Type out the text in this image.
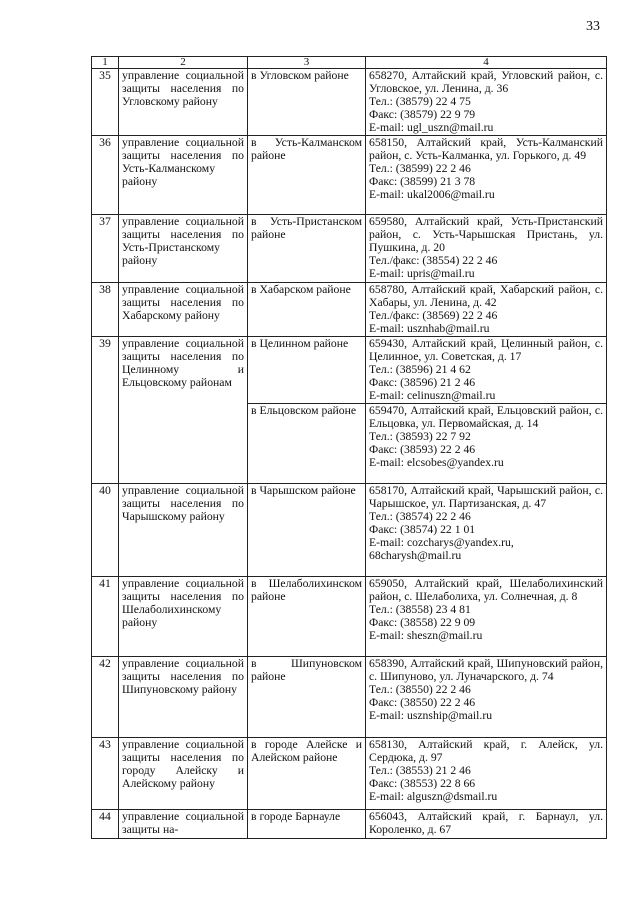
33
1	2	3	4
35	управление социальной защиты населения по Угловскому району	в Угловском районе	658270, Алтайский край, Угловский район, с. Угловское, ул. Ленина, д. 36
Тел.: (38579) 22 4 75
Факс: (38579) 22 9 79
E-mail: ugl_uszn@mail.ru

36	управление социальной защиты населения по Усть-Калманскому району	в Усть-Калманском районе	658150, Алтайский край, Усть-Калманский район, с. Усть-Калманка, ул. Горького, д. 49
Тел.: (38599) 22 2 46
Факс: (38599) 21 3 78
E-mail: ukal2006@mail.ru

37	управление социальной защиты населения по Усть-Пристанскому району	в Усть-Пристанском районе	659580, Алтайский край, Усть-Пристанский район, с. Усть-Чарышская Пристань, ул. Пушкина, д. 20
Тел./факс: (38554) 22 2 46
E-mail: upris@mail.ru

38	управление социальной защиты населения по Хабарскому району	в Хабарском районе	658780, Алтайский край, Хабарский район, с. Хабары, ул. Ленина, д. 42
Тел./факс: (38569) 22 2 46
E-mail: usznhab@mail.ru

39	управление социальной защиты населения по Целинному и Ельцовскому районам	в Целинном районе	659430, Алтайский край, Целинный район, с. Целинное, ул. Советская, д. 17
Тел.: (38596) 21 4 62
Факс: (38596) 21 2 46
E-mail: celinuszn@mail.ru

		в Ельцовском районе	659470, Алтайский край, Ельцовский район, с. Ельцовка, ул. Первомайская, д. 14
Тел.: (38593) 22 7 92
Факс: (38593) 22 2 46
E-mail: elcsobes@yandex.ru

40	управление социальной защиты населения по Чарышскому району	в Чарышском районе	658170, Алтайский край, Чарышский район, с. Чарышское, ул. Партизанская, д. 47
Тел.: (38574) 22 2 46
Факс: (38574) 22 1 01
E-mail: cozcharys@yandex.ru,
68charysh@mail.ru

41	управление социальной защиты населения по Шелаболихинскому району	в Шелаболихинском районе	659050, Алтайский край, Шелаболихинский район, с. Шелаболиха, ул. Солнечная, д. 8
Тел.: (38558) 23 4 81
Факс: (38558) 22 9 09
E-mail: sheszn@mail.ru

42	управление социальной защиты населения по Шипуновскому району	в Шипуновском районе	658390, Алтайский край, Шипуновский район, с. Шипуново, ул. Луначарского, д. 74
Тел.: (38550) 22 2 46
Факс: (38550) 22 2 46
E-mail: usznship@mail.ru

43	управление социальной защиты населения по городу Алейску и Алейскому району	в городе Алейске и Алейском районе	658130, Алтайский край, г. Алейск, ул. Сердюка, д. 97
Тел.: (38553) 21 2 46
Факс: (38553) 22 8 66
E-mail: alguszn@dsmail.ru

44	управление социальной защиты на-	в городе Барнауле	656043, Алтайский край, г. Барнаул, ул. Короленко, д. 67
